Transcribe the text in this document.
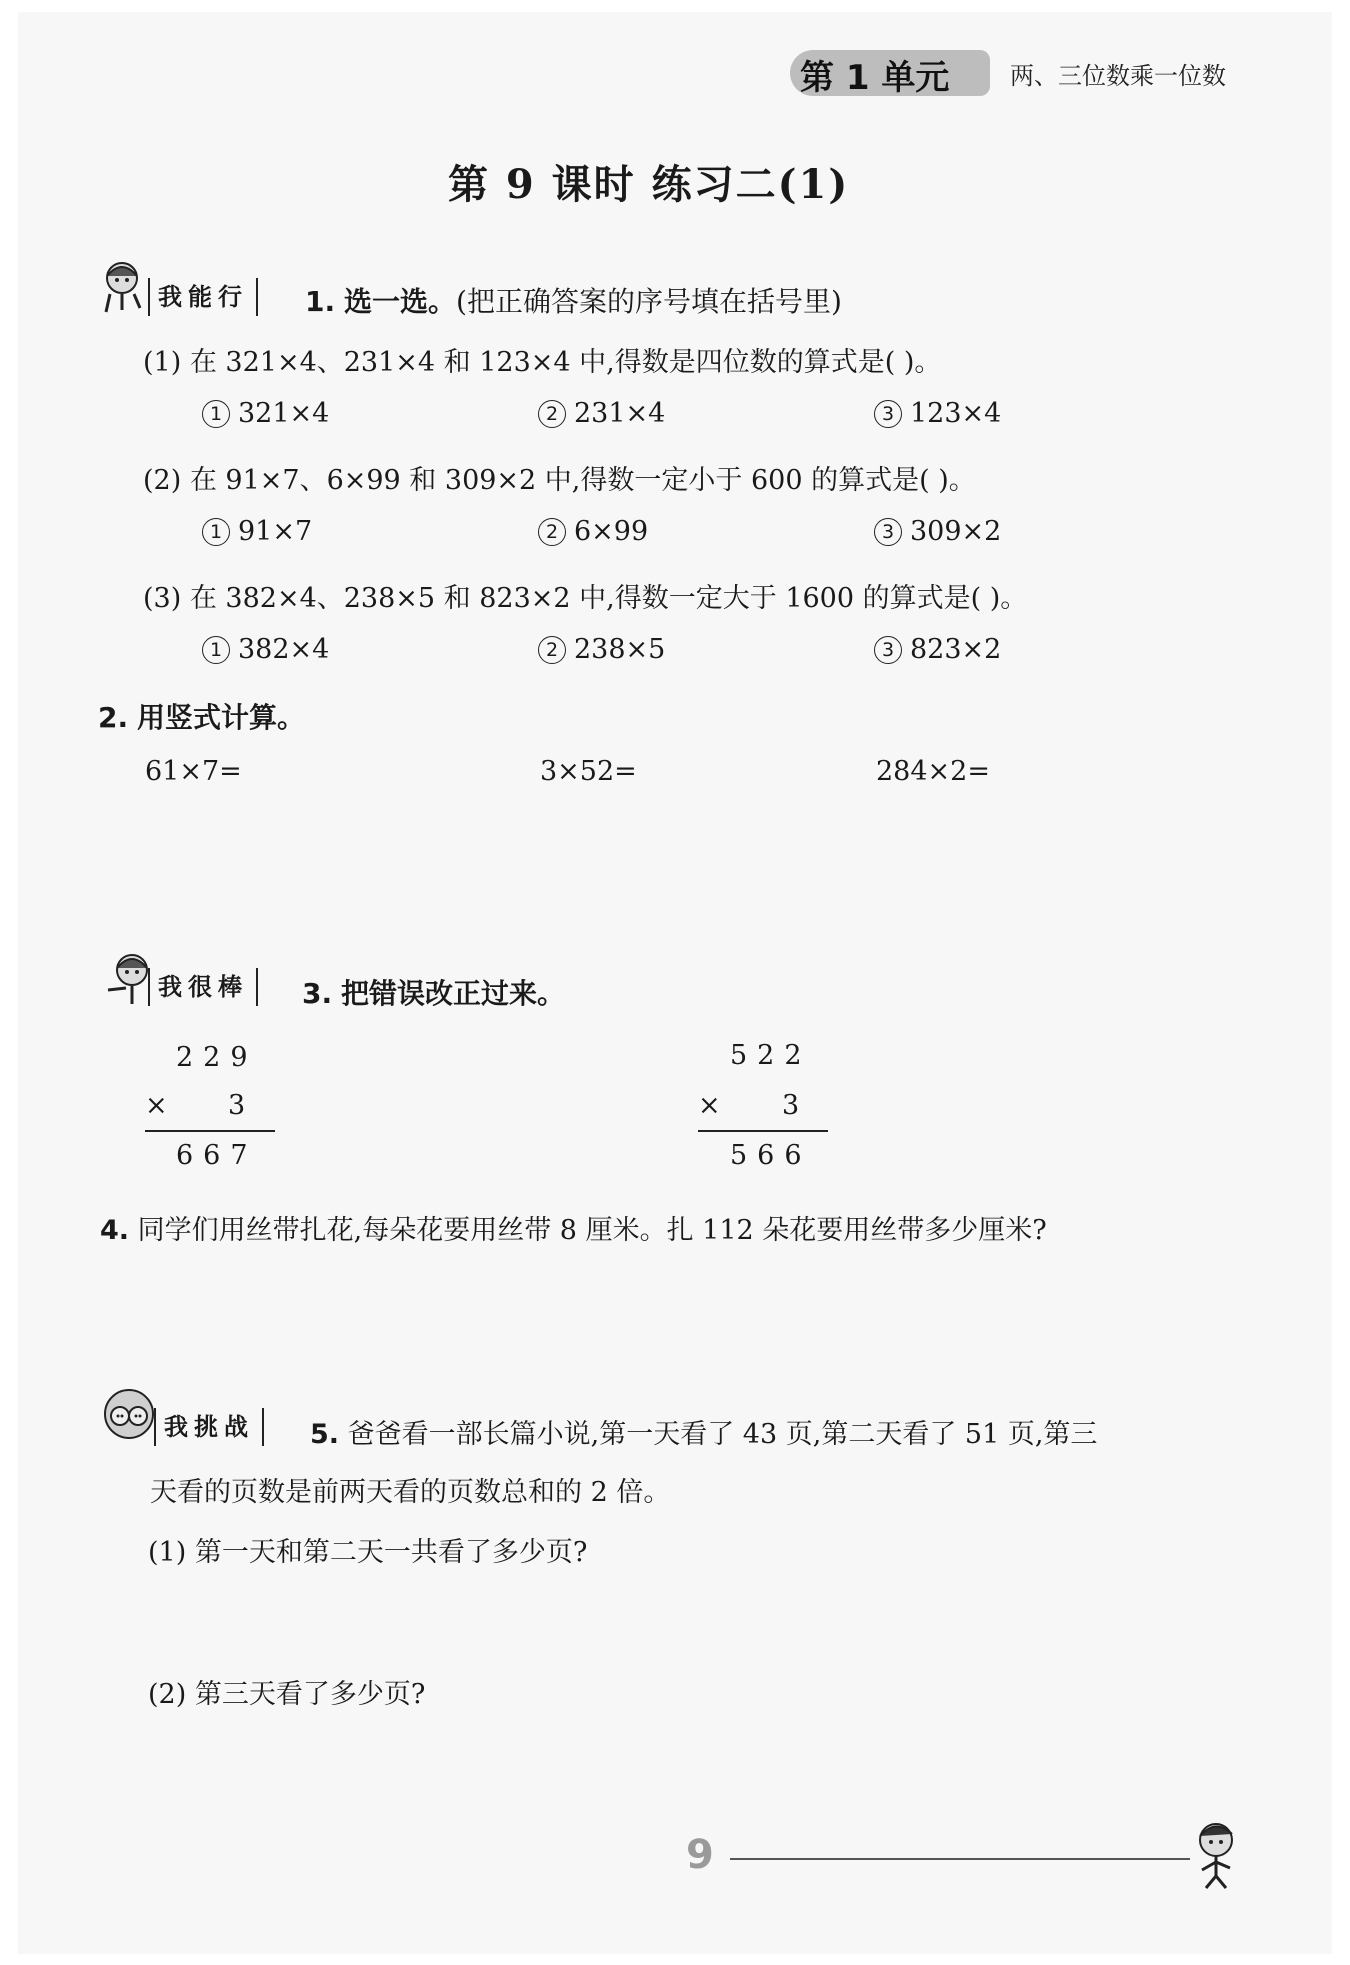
第 1 单元	两、三位数乘一位数
第 9 课时 练习二(1)
我能行	1. 选一选。(把正确答案的序号填在括号里)
(1) 在 321×4、231×4 和 123×4 中,得数是四位数的算式是( )。
1 321×4	2 231×4	3 123×4
(2) 在 91×7、6×99 和 309×2 中,得数一定小于 600 的算式是( )。
1 91×7	2 6×99	3 309×2
(3) 在 382×4、238×5 和 823×2 中,得数一定大于 1600 的算式是( )。
1 382×4	2 238×5	3 823×2
2. 用竖式计算。
61×7=	3×52=	284×2=
我很棒	3. 把错误改正过来。
229
× 3
667
522
× 3
566
4. 同学们用丝带扎花,每朵花要用丝带 8 厘米。扎 112 朵花要用丝带多少厘米?
我挑战	5. 爸爸看一部长篇小说,第一天看了 43 页,第二天看了 51 页,第三
天看的页数是前两天看的页数总和的 2 倍。
(1) 第一天和第二天一共看了多少页?
(2) 第三天看了多少页?
9
